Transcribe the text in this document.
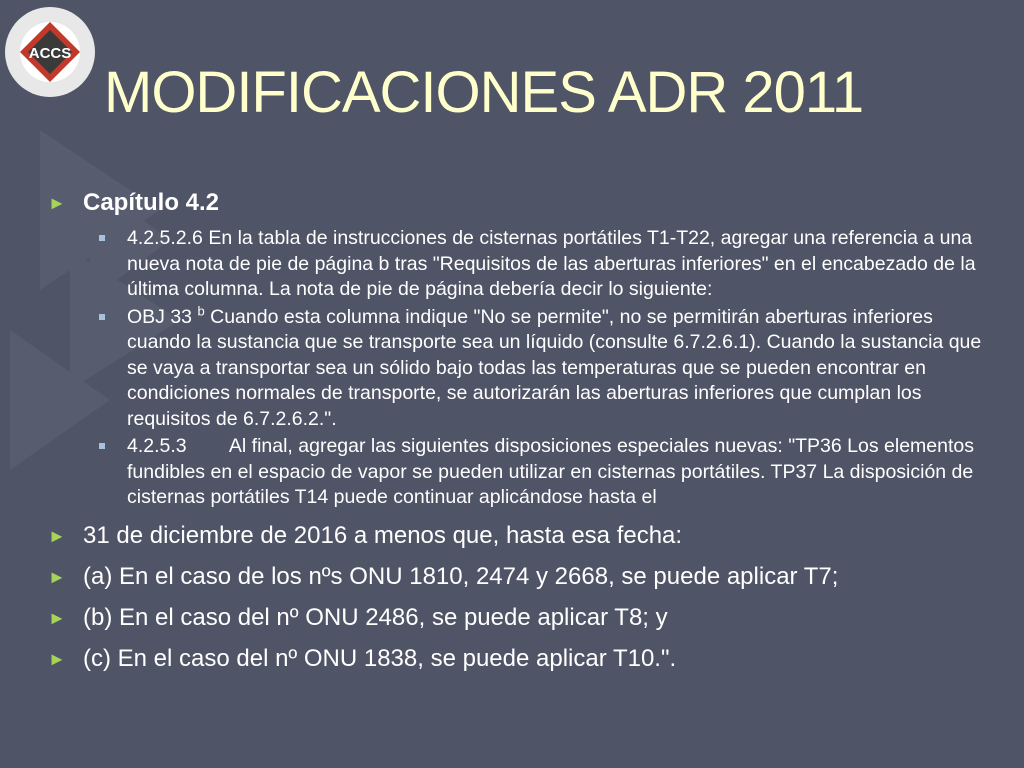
ACCS
MODIFICACIONES ADR 2011
► Capítulo 4.2
4.2.5.2.6 En la tabla de instrucciones de cisternas portátiles T1-T22, agregar una referencia a una nueva nota de pie de página b tras "Requisitos de las aberturas inferiores" en el encabezado de la última columna. La nota de pie de página debería decir lo siguiente:
OBJ 33 $^b$ Cuando esta columna indique "No se permite", no se permitirán aberturas inferiores cuando la sustancia que se transporte sea un líquido (consulte 6.7.2.6.1). Cuando la sustancia que se vaya a transportar sea un sólido bajo todas las temperaturas que se pueden encontrar en condiciones normales de transporte, se autorizarán las aberturas inferiores que cumplan los requisitos de 6.7.2.6.2.".
4.2.5.3        Al final, agregar las siguientes disposiciones especiales nuevas: "TP36 Los elementos fundibles en el espacio de vapor se pueden utilizar en cisternas portátiles. TP37 La disposición de cisternas portátiles T14 puede continuar aplicándose hasta el
► 31 de diciembre de 2016 a menos que, hasta esa fecha:
► (a) En el caso de los nºs ONU 1810, 2474 y 2668, se puede aplicar T7;
► (b) En el caso del nº ONU 2486, se puede aplicar T8; y
► (c) En el caso del nº ONU 1838, se puede aplicar T10.".
